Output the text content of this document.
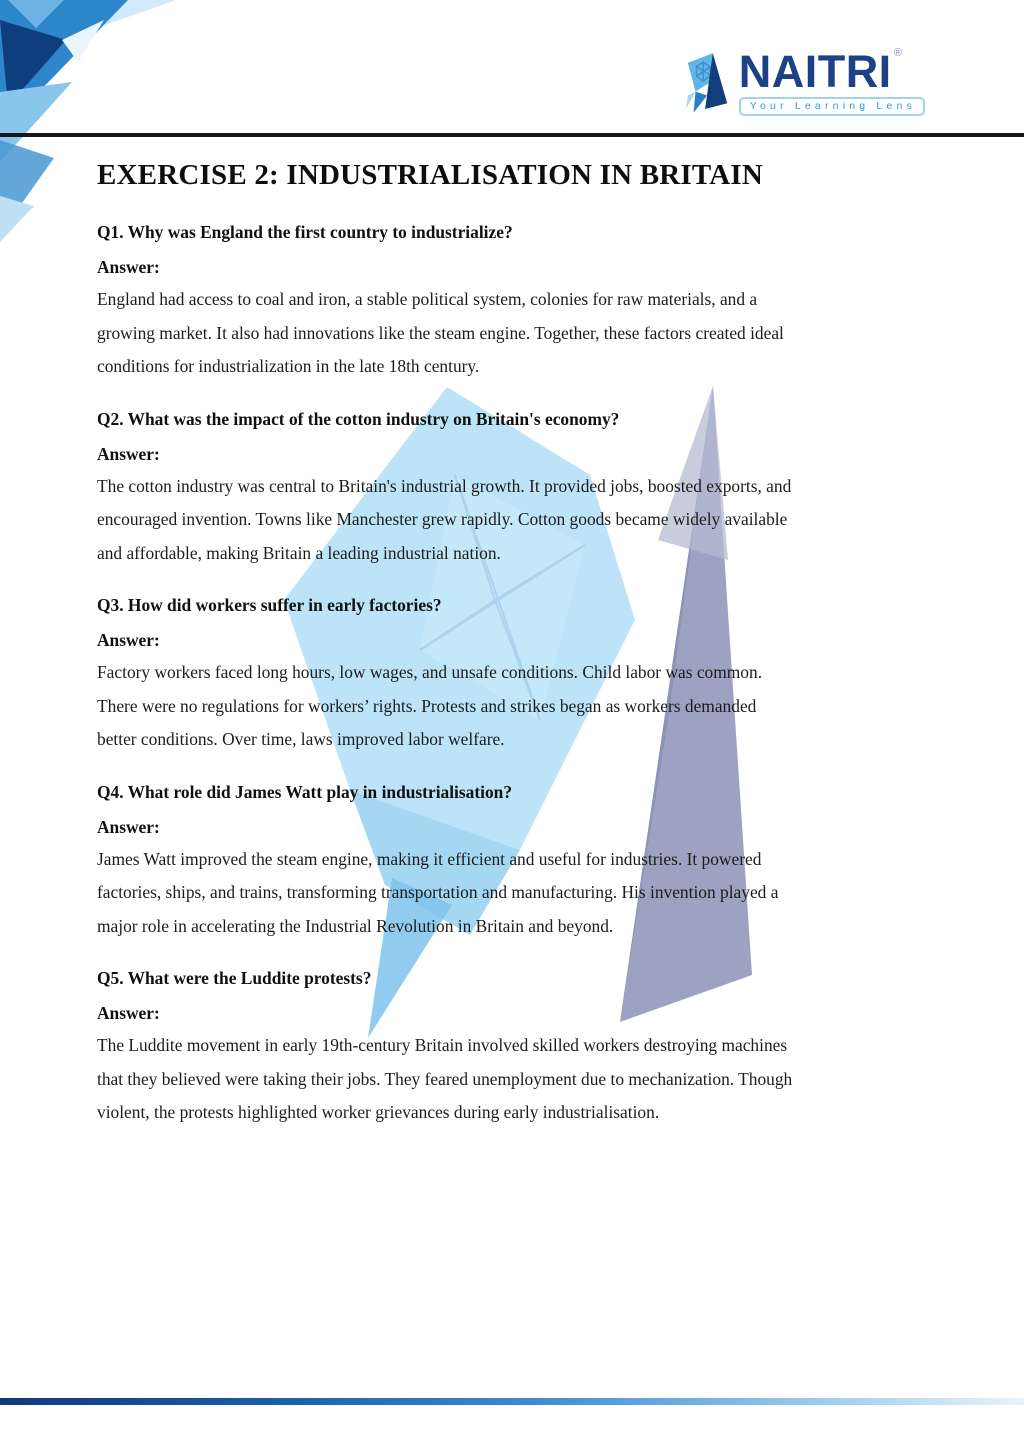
NAITRI ®
Your Learning Lens
EXERCISE 2: INDUSTRIALISATION IN BRITAIN

Q1. Why was England the first country to industrialize?

Answer:

England had access to coal and iron, a stable political system, colonies for raw materials, and a

growing market. It also had innovations like the steam engine. Together, these factors created ideal

conditions for industrialization in the late 18th century.

Q2. What was the impact of the cotton industry on Britain's economy?

Answer:

The cotton industry was central to Britain's industrial growth. It provided jobs, boosted exports, and

encouraged invention. Towns like Manchester grew rapidly. Cotton goods became widely available

and affordable, making Britain a leading industrial nation.

Q3. How did workers suffer in early factories?

Answer:

Factory workers faced long hours, low wages, and unsafe conditions. Child labor was common.

There were no regulations for workers’ rights. Protests and strikes began as workers demanded

better conditions. Over time, laws improved labor welfare.

Q4. What role did James Watt play in industrialisation?

Answer:

James Watt improved the steam engine, making it efficient and useful for industries. It powered

factories, ships, and trains, transforming transportation and manufacturing. His invention played a

major role in accelerating the Industrial Revolution in Britain and beyond.

Q5. What were the Luddite protests?

Answer:

The Luddite movement in early 19th-century Britain involved skilled workers destroying machines

that they believed were taking their jobs. They feared unemployment due to mechanization. Though

violent, the protests highlighted worker grievances during early industrialisation.
